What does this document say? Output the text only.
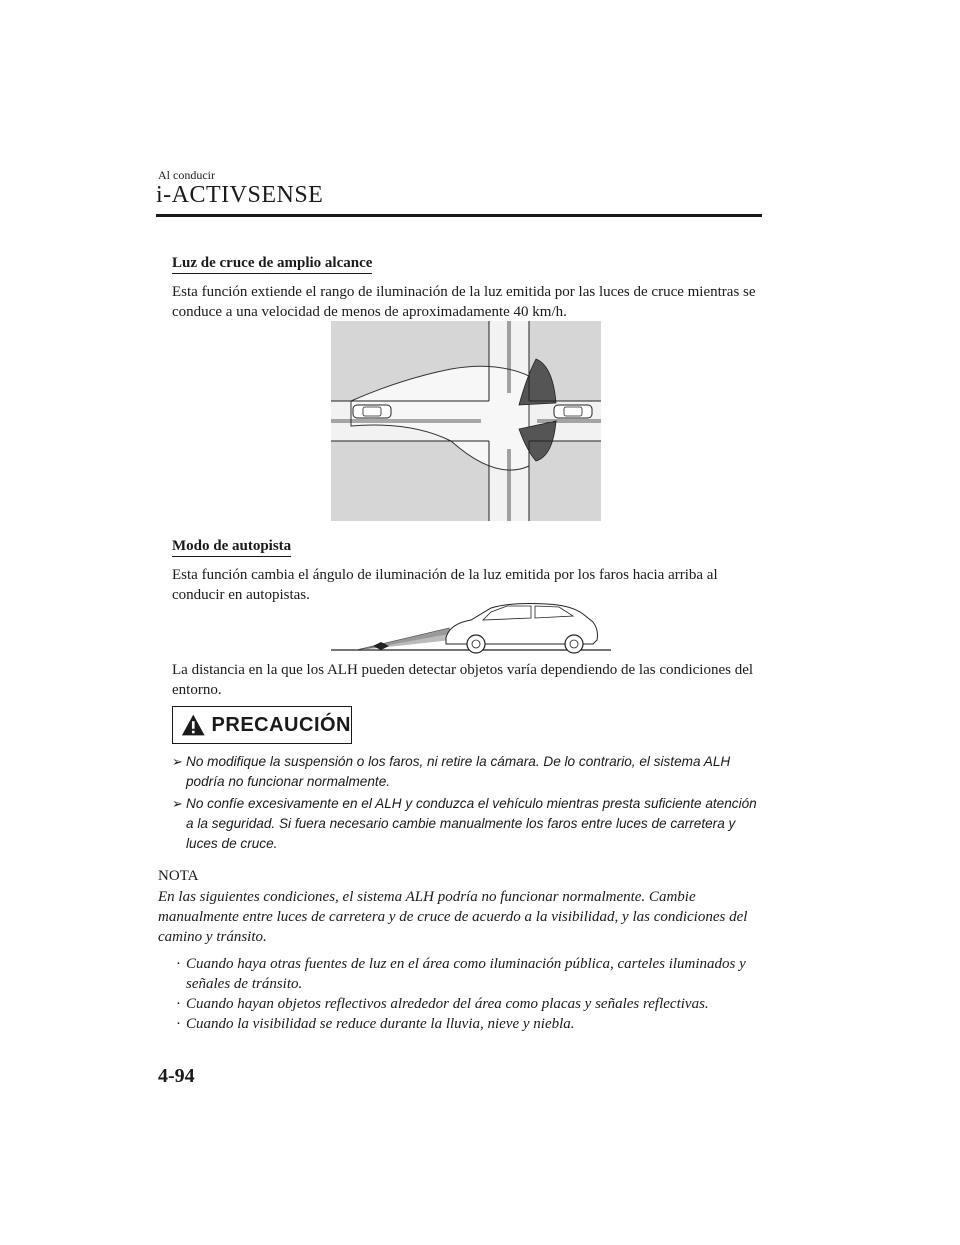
Al conducir
i-ACTIVSENSE
Luz de cruce de amplio alcance
Esta función extiende el rango de iluminación de la luz emitida por las luces de cruce mientras se conduce a una velocidad de menos de aproximadamente 40 km/h.
Modo de autopista
Esta función cambia el ángulo de iluminación de la luz emitida por los faros hacia arriba al conducir en autopistas.
La distancia en la que los ALH pueden detectar objetos varía dependiendo de las condiciones del entorno.
PRECAUCIÓN
➢ No modifique la suspensión o los faros, ni retire la cámara. De lo contrario, el sistema ALH podría no funcionar normalmente.
➢ No confíe excesivamente en el ALH y conduzca el vehículo mientras presta suficiente atención a la seguridad. Si fuera necesario cambie manualmente los faros entre luces de carretera y luces de cruce.
NOTA
En las siguientes condiciones, el sistema ALH podría no funcionar normalmente. Cambie manualmente entre luces de carretera y de cruce de acuerdo a la visibilidad, y las condiciones del camino y tránsito.
· Cuando haya otras fuentes de luz en el área como iluminación pública, carteles iluminados y señales de tránsito.
· Cuando hayan objetos reflectivos alrededor del área como placas y señales reflectivas.
· Cuando la visibilidad se reduce durante la lluvia, nieve y niebla.
4-94
